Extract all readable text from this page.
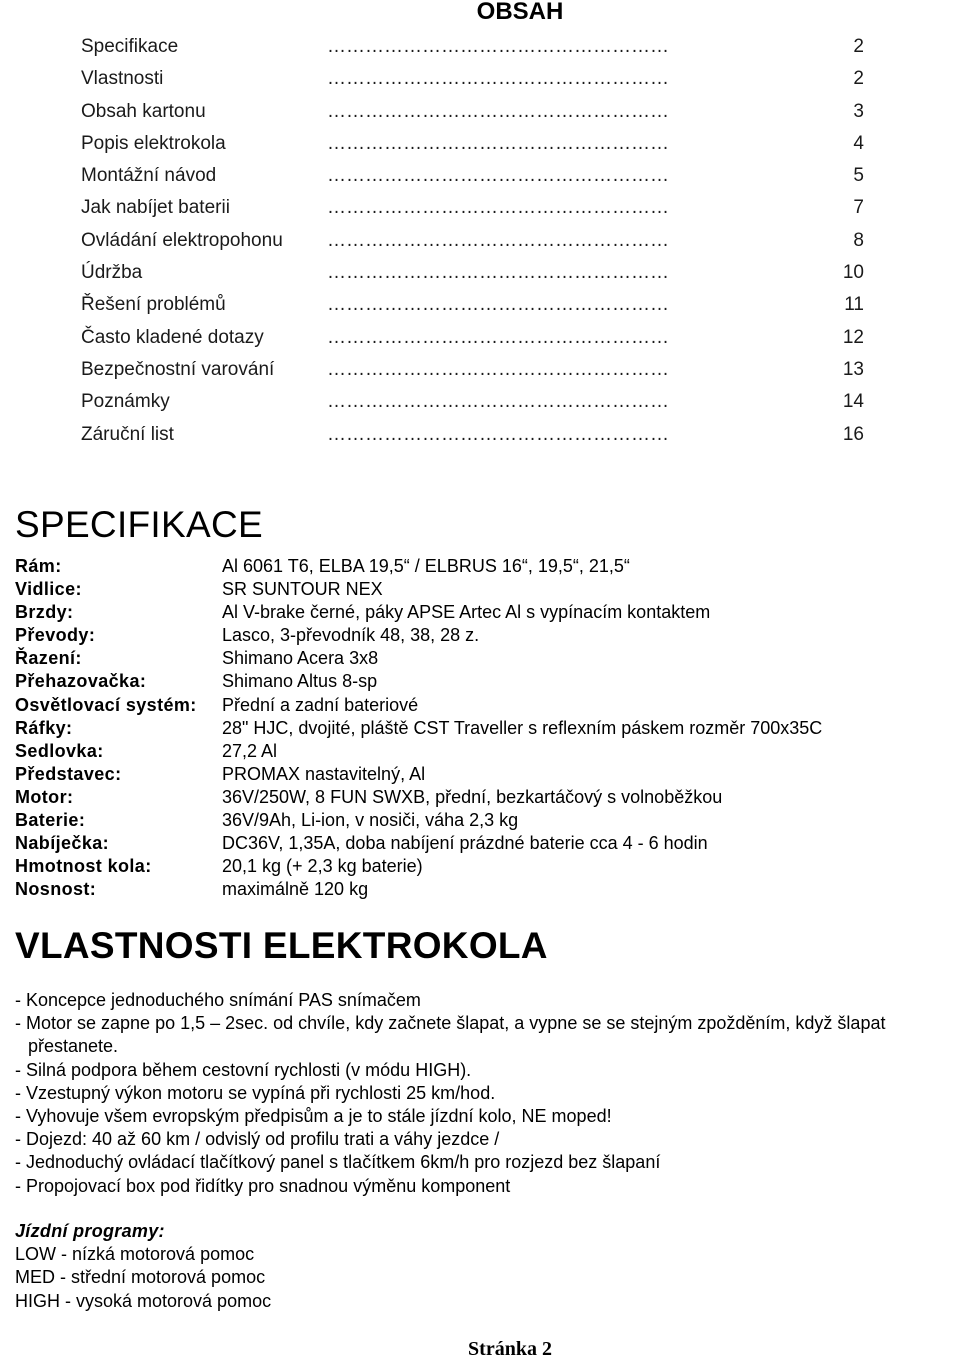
OBSAH
Specifikace	………………………………………………	2
Vlastnosti	………………………………………………	2
Obsah kartonu	………………………………………………	3
Popis elektrokola	………………………………………………	4
Montážní návod	………………………………………………	5
Jak nabíjet baterii	………………………………………………	7
Ovládání elektropohonu ………………………………………………	8
Údržba	………………………………………………	10
Řešení problémů	………………………………………………	11
Často kladené dotazy	………………………………………………	12
Bezpečnostní varování	………………………………………………	13
Poznámky	………………………………………………	14
Záruční list	………………………………………………	16
SPECIFIKACE
Rám:	Al 6061 T6, ELBA 19,5“ / ELBRUS 16“, 19,5“, 21,5“
Vidlice:	SR SUNTOUR NEX
Brzdy:	Al V-brake černé, páky APSE Artec Al s vypínacím kontaktem
Převody:	Lasco, 3-převodník 48, 38, 28 z.
Řazení:	Shimano Acera 3x8
Přehazovačka:	Shimano Altus 8-sp
Osvětlovací systém: Přední a zadní bateriové
Ráfky:	28" HJC, dvojité, pláště CST Traveller s reflexním páskem rozměr 700x35C
Sedlovka:	27,2 Al
Představec:	PROMAX nastavitelný, Al
Motor:	36V/250W, 8 FUN SWXB, přední, bezkartáčový s volnoběžkou
Baterie:	36V/9Ah, Li-ion, v nosiči, váha 2,3 kg
Nabíječka:	DC36V, 1,35A, doba nabíjení prázdné baterie cca 4 - 6 hodin
Hmotnost kola:	20,1 kg (+ 2,3 kg baterie)
Nosnost:	maximálně 120 kg
VLASTNOSTI ELEKTROKOLA
- Koncepce jednoduchého snímání PAS snímačem
- Motor se zapne po 1,5 – 2sec. od chvíle, kdy začnete šlapat, a vypne se se stejným zpožděním, když šlapat přestanete.
- Silná podpora během cestovní rychlosti (v módu HIGH).
- Vzestupný výkon motoru se vypíná při rychlosti 25 km/hod.
- Vyhovuje všem evropským předpisům a je to stále jízdní kolo, NE moped!
- Dojezd: 40 až 60 km / odvislý od profilu trati a váhy jezdce /
- Jednoduchý ovládací tlačítkový panel s tlačítkem 6km/h pro rozjezd bez šlapaní
- Propojovací box pod řidítky pro snadnou výměnu komponent
Jízdní programy:
LOW - nízká motorová pomoc
MED - střední motorová pomoc
HIGH - vysoká motorová pomoc
Stránka 2
